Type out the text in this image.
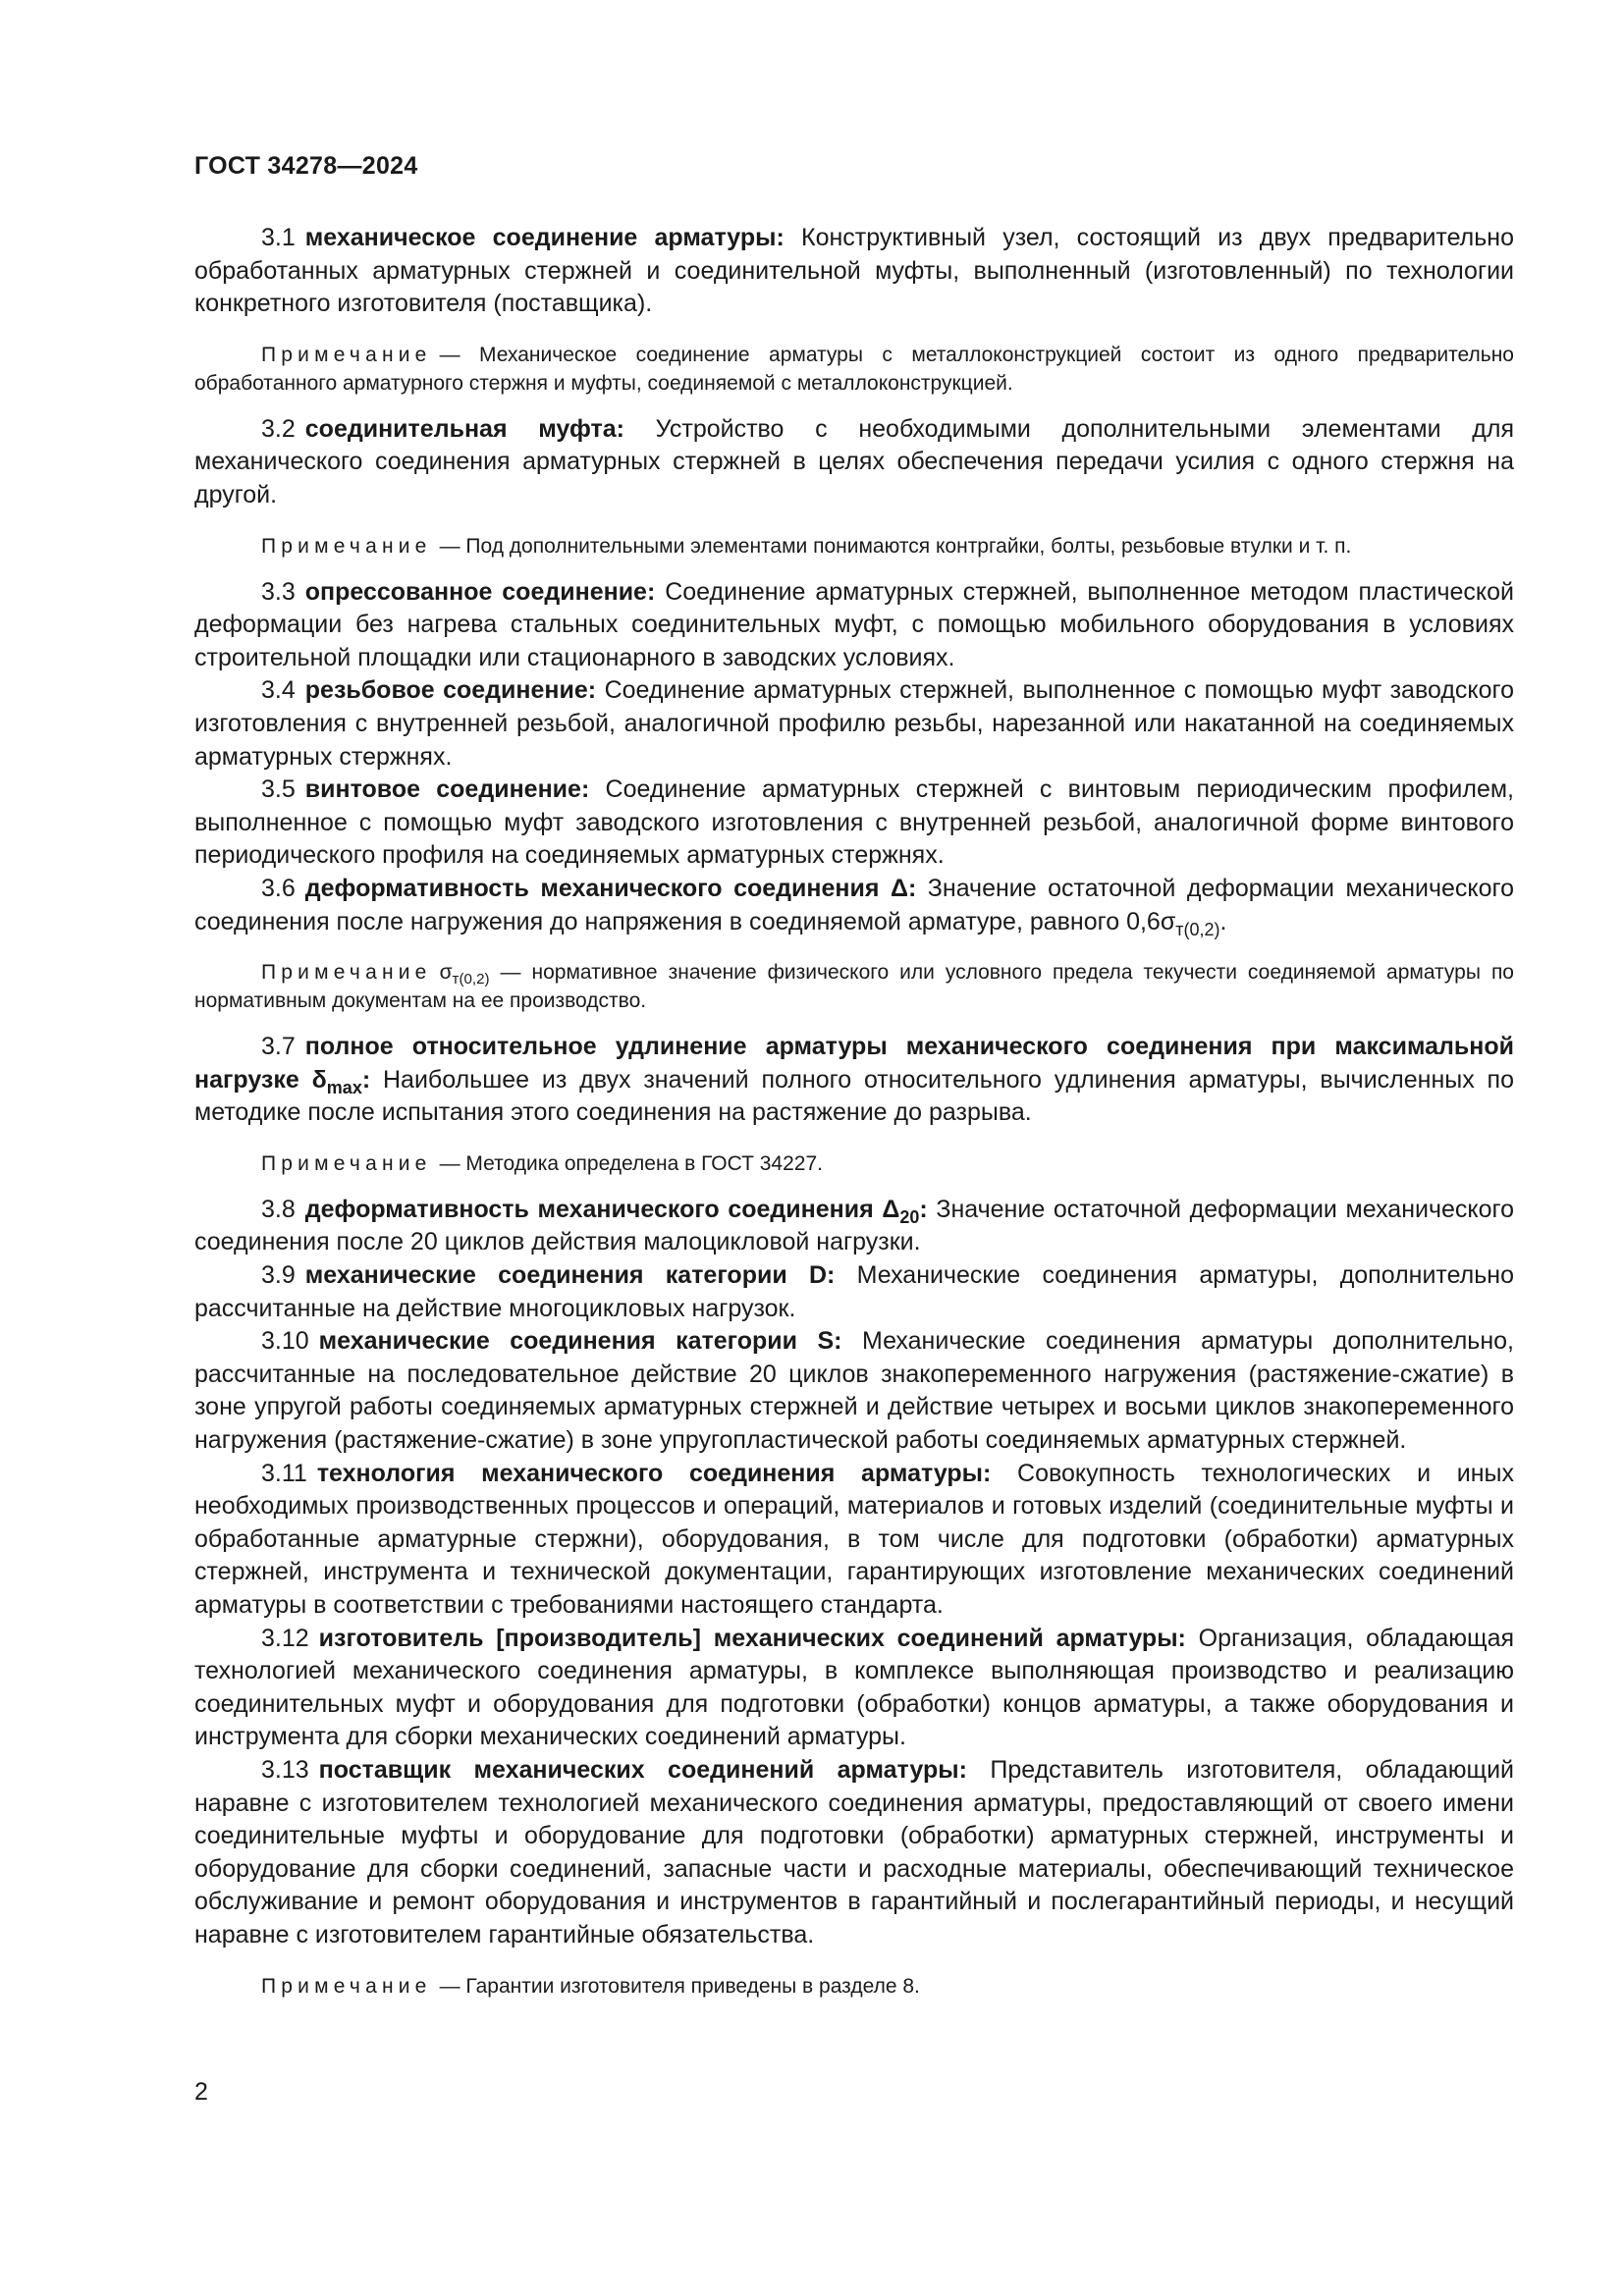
ГОСТ 34278—2024

3.1 механическое соединение арматуры: Конструктивный узел, состоящий из двух предварительно обработанных арматурных стержней и соединительной муфты, выполненный (изготовленный) по технологии конкретного изготовителя (поставщика).

Примечание — Механическое соединение арматуры с металлоконструкцией состоит из одного предварительно обработанного арматурного стержня и муфты, соединяемой с металлоконструкцией.

3.2 соединительная муфта: Устройство с необходимыми дополнительными элементами для механического соединения арматурных стержней в целях обеспечения передачи усилия с одного стержня на другой.

Примечание — Под дополнительными элементами понимаются контргайки, болты, резьбовые втулки и т. п.

3.3 опрессованное соединение: Соединение арматурных стержней, выполненное методом пластической деформации без нагрева стальных соединительных муфт, с помощью мобильного оборудования в условиях строительной площадки или стационарного в заводских условиях.

3.4 резьбовое соединение: Соединение арматурных стержней, выполненное с помощью муфт заводского изготовления с внутренней резьбой, аналогичной профилю резьбы, нарезанной или накатанной на соединяемых арматурных стержнях.

3.5 винтовое соединение: Соединение арматурных стержней с винтовым периодическим профилем, выполненное с помощью муфт заводского изготовления с внутренней резьбой, аналогичной форме винтового периодического профиля на соединяемых арматурных стержнях.

3.6 деформативность механического соединения Δ: Значение остаточной деформации механического соединения после нагружения до напряжения в соединяемой арматуре, равного $0,6\sigma_{т(0,2)}$.

Примечание $\sigma_{т(0,2)}$ — нормативное значение физического или условного предела текучести соединяемой арматуры по нормативным документам на ее производство.

3.7 полное относительное удлинение арматуры механического соединения при максимальной нагрузке $\delta_{max}$: Наибольшее из двух значений полного относительного удлинения арматуры, вычисленных по методике после испытания этого соединения на растяжение до разрыва.

Примечание — Методика определена в ГОСТ 34227.

3.8 деформативность механического соединения $\Delta_{20}$: Значение остаточной деформации механического соединения после 20 циклов действия малоцикловой нагрузки.

3.9 механические соединения категории D: Механические соединения арматуры, дополнительно рассчитанные на действие многоцикловых нагрузок.

3.10 механические соединения категории S: Механические соединения арматуры дополнительно, рассчитанные на последовательное действие 20 циклов знакопеременного нагружения (растяжение-сжатие) в зоне упругой работы соединяемых арматурных стержней и действие четырех и восьми циклов знакопеременного нагружения (растяжение-сжатие) в зоне упругопластической работы соединяемых арматурных стержней.

3.11 технология механического соединения арматуры: Совокупность технологических и иных необходимых производственных процессов и операций, материалов и готовых изделий (соединительные муфты и обработанные арматурные стержни), оборудования, в том числе для подготовки (обработки) арматурных стержней, инструмента и технической документации, гарантирующих изготовление механических соединений арматуры в соответствии с требованиями настоящего стандарта.

3.12 изготовитель [производитель] механических соединений арматуры: Организация, обладающая технологией механического соединения арматуры, в комплексе выполняющая производство и реализацию соединительных муфт и оборудования для подготовки (обработки) концов арматуры, а также оборудования и инструмента для сборки механических соединений арматуры.

3.13 поставщик механических соединений арматуры: Представитель изготовителя, обладающий наравне с изготовителем технологией механического соединения арматуры, предоставляющий от своего имени соединительные муфты и оборудование для подготовки (обработки) арматурных стержней, инструменты и оборудование для сборки соединений, запасные части и расходные материалы, обеспечивающий техническое обслуживание и ремонт оборудования и инструментов в гарантийный и послегарантийный периоды, и несущий наравне с изготовителем гарантийные обязательства.

Примечание — Гарантии изготовителя приведены в разделе 8.

2
